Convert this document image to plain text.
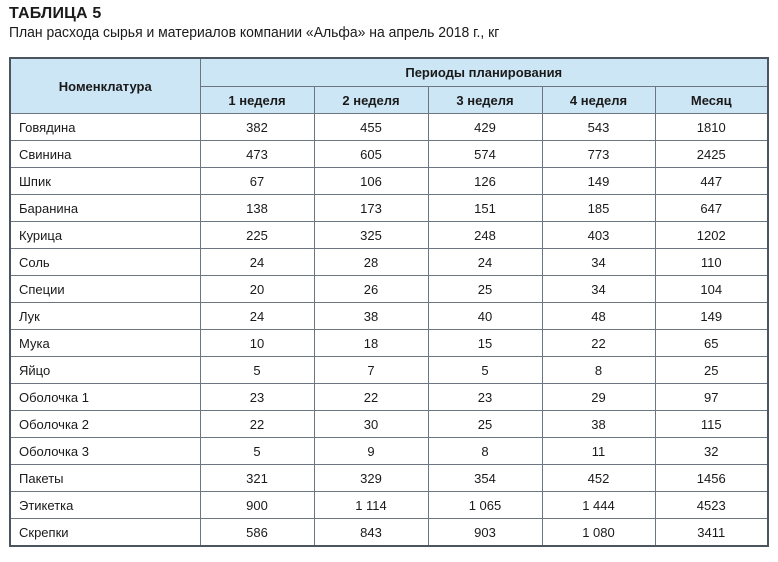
ТАБЛИЦА 5
План расхода сырья и материалов компании «Альфа» на апрель 2018 г., кг
Номенклатура	Периоды планирования				
	1 неделя	2 неделя	3 неделя	4 неделя	Месяц
Говядина	382	455	429	543	1810
Свинина	473	605	574	773	2425
Шпик	67	106	126	149	447
Баранина	138	173	151	185	647
Курица	225	325	248	403	1202
Соль	24	28	24	34	110
Специи	20	26	25	34	104
Лук	24	38	40	48	149
Мука	10	18	15	22	65
Яйцо	5	7	5	8	25
Оболочка 1	23	22	23	29	97
Оболочка 2	22	30	25	38	115
Оболочка 3	5	9	8	11	32
Пакеты	321	329	354	452	1456
Этикетка	900	1 114	1 065	1 444	4523
Скрепки	586	843	903	1 080	3411
